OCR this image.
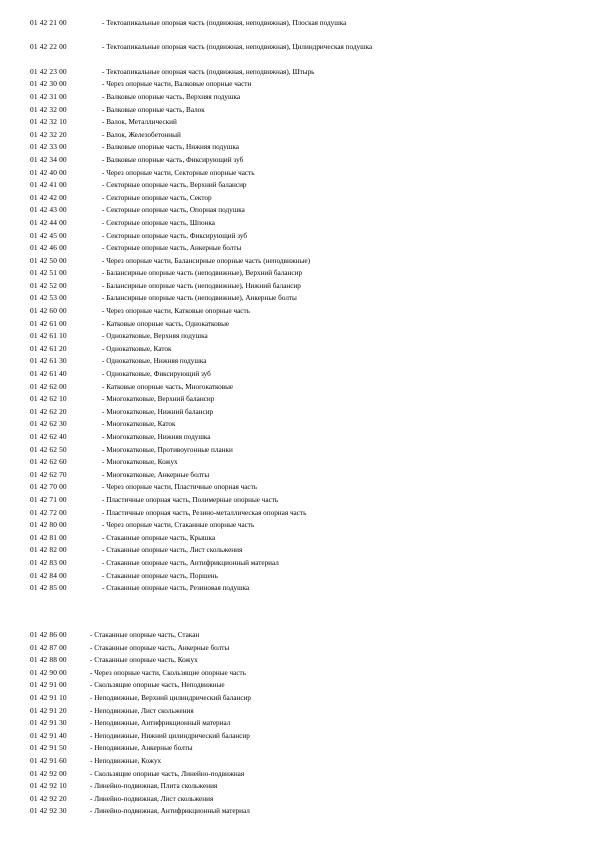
01 42 21 00	- Тектоапикальные опорная часть (подвижная, неподвижная), Плоская подушка
01 42 22 00	- Тектоапикальные опорная часть (подвижная, неподвижная), Цилиндрическая подушка
01 42 23 00	- Тектоапикальные опорная часть (подвижная, неподвижная), Штырь
01 42 30 00	- Через опорные части, Валковые опорные части
01 42 31 00	- Валковые опорные часть, Верхняя подушка
01 42 32 00	- Валковые опорные часть, Валок
01 42 32 10	- Валок, Металлический
01 42 32 20	- Валок, Железобетонный
01 42 33 00	- Валковые опорные часть, Нижняя подушка
01 42 34 00	- Валковые опорные часть, Фиксирующий зуб
01 42 40 00	- Через опорные части, Секторные опорные часть
01 42 41 00	- Секторные опорные часть, Верхний балансир
01 42 42 00	- Секторные опорные часть, Сектор
01 42 43 00	- Секторные опорные часть, Опорная подушка
01 42 44 00	- Секторные опорные часть, Шпонка
01 42 45 00	- Секторные опорные часть, Фиксирующий зуб
01 42 46 00	- Секторные опорные часть, Анкерные болты
01 42 50 00	- Через опорные части, Балансирные опорные часть (неподвижные)
01 42 51 00	- Балансирные опорные часть (неподвижные), Верхний балансир
01 42 52 00	- Балансирные опорные часть (неподвижные), Нижний балансир
01 42 53 00	- Балансирные опорные часть (неподвижные), Анкерные болты
01 42 60 00	- Через опорные части, Катковые опорные часть
01 42 61 00	- Катковые опорные часть, Однокатковые
01 42 61 10	- Однокатковые, Верхняя подушка
01 42 61 20	- Однокатковые, Каток
01 42 61 30	- Однокатковые, Нижняя подушка
01 42 61 40	- Однокатковые, Фиксирующий зуб
01 42 62 00	- Катковые опорные часть, Многокатковые
01 42 62 10	- Многокатковые, Верхний балансир
01 42 62 20	- Многокатковые, Нижний балансир
01 42 62 30	- Многокатковые, Каток
01 42 62 40	- Многокатковые, Нижняя подушка
01 42 62 50	- Многокатковые, Противоугонные планки
01 42 62 60	- Многокатковые, Кожух
01 42 62 70	- Многокатковые, Анкерные болты
01 42 70 00	- Через опорные части, Пластичные опорная часть
01 42 71 00	- Пластичные опорная часть, Полимерные опорные часть
01 42 72 00	- Пластичные опорная часть, Резино-металлическая опорная часть
01 42 80 00	- Через опорные части, Стаканные опорные часть
01 42 81 00	- Стаканные опорные часть, Крышка
01 42 82 00	- Стаканные опорные часть, Лист скольжения
01 42 83 00	- Стаканные опорные часть, Антифрикционный материал
01 42 84 00	- Стаканные опорные часть, Поршень
01 42 85 00	- Стаканные опорные часть, Резиновая подушка
01 42 86 00	- Стаканные опорные часть, Стакан
01 42 87 00	- Стаканные опорные часть, Анкерные болты
01 42 88 00	- Стаканные опорные часть, Кожух
01 42 90 00	- Через опорные части, Скользящие опорные часть
01 42 91 00	- Скользящие опорные часть, Неподвижные
01 42 91 10	- Неподвижные, Верхний цилиндрический балансир
01 42 91 20	- Неподвижные, Лист скольжения
01 42 91 30	- Неподвижные, Антифрикционный материал
01 42 91 40	- Неподвижные, Нижний цилиндрический балансир
01 42 91 50	- Неподвижные, Анкерные болты
01 42 91 60	- Неподвижные, Кожух
01 42 92 00	- Скользящие опорные часть, Линейно-подвижная
01 42 92 10	- Линейно-подвижная, Плита скольжения
01 42 92 20	- Линейно-подвижная, Лист скольжения
01 42 92 30	- Линейно-подвижная, Антифрикционный материал
